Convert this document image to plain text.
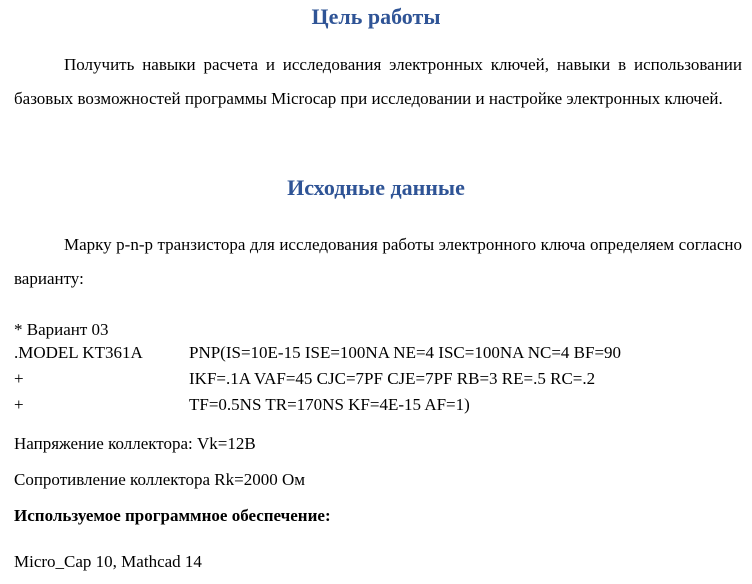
Цель работы

Получить навыки расчета и исследования электронных ключей, навыки в использовании базовых возможностей программы Microcap при исследовании и настройке электронных ключей.

Исходные данные

Марку p-n-p транзистора для исследования работы электронного ключа определяем согласно варианту:

* Вариант 03
.MODEL KT361A	PNP(IS=10E-15 ISE=100NA NE=4 ISC=100NA NC=4 BF=90
+	IKF=.1A VAF=45 CJC=7PF CJE=7PF RB=3 RE=.5 RC=.2
+	TF=0.5NS TR=170NS KF=4E-15 AF=1)
Напряжение коллектора: Vk=12В
Сопротивление коллектора Rk=2000 Ом
Используемое программное обеспечение:
Micro_Cap 10, Mathcad 14
